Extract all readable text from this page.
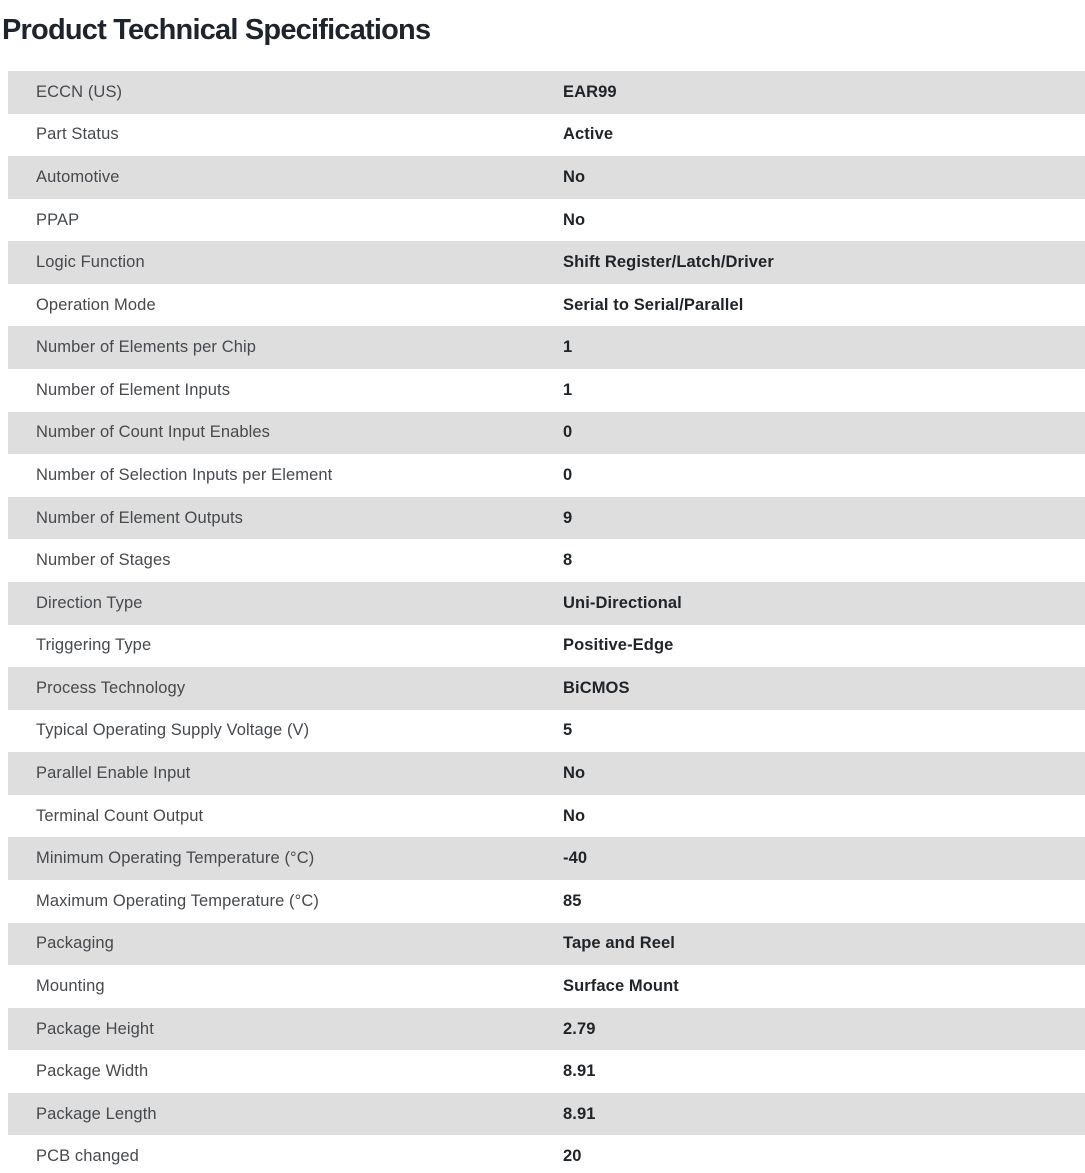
Product Technical Specifications
ECCN (US)	EAR99
Part Status	Active
Automotive	No
PPAP	No
Logic Function	Shift Register/Latch/Driver
Operation Mode	Serial to Serial/Parallel
Number of Elements per Chip	1
Number of Element Inputs	1
Number of Count Input Enables	0
Number of Selection Inputs per Element	0
Number of Element Outputs	9
Number of Stages	8
Direction Type	Uni-Directional
Triggering Type	Positive-Edge
Process Technology	BiCMOS
Typical Operating Supply Voltage (V)	5
Parallel Enable Input	No
Terminal Count Output	No
Minimum Operating Temperature (°C)	-40
Maximum Operating Temperature (°C)	85
Packaging	Tape and Reel
Mounting	Surface Mount
Package Height	2.79
Package Width	8.91
Package Length	8.91
PCB changed	20
